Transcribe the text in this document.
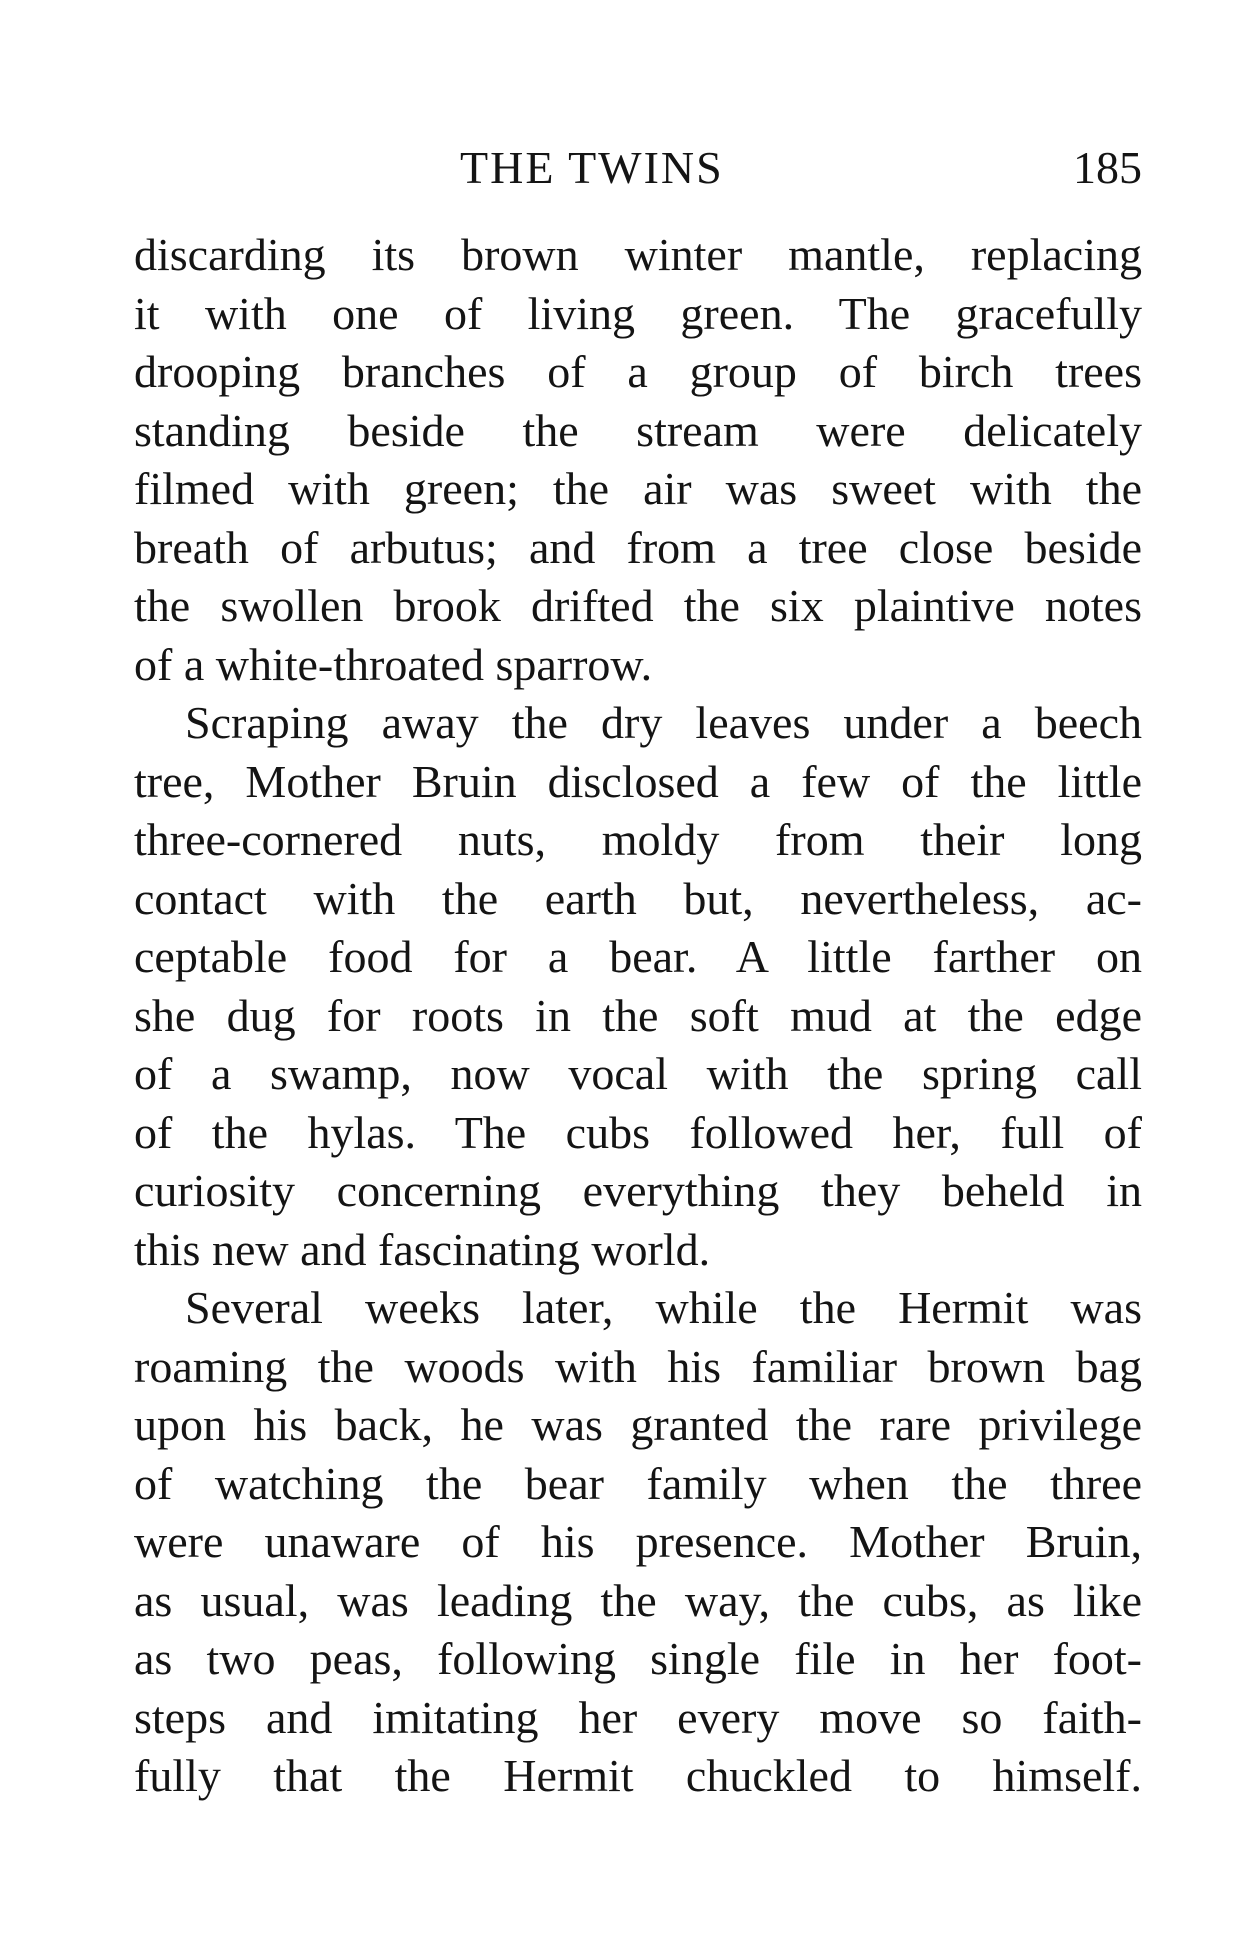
THE TWINS	185
discarding its brown winter mantle, replacing
it with one of living green. The gracefully
drooping branches of a group of birch trees
standing beside the stream were delicately
filmed with green; the air was sweet with the
breath of arbutus; and from a tree close beside
the swollen brook drifted the six plaintive notes
of a white-throated sparrow.
Scraping away the dry leaves under a beech
tree, Mother Bruin disclosed a few of the little
three-cornered nuts, moldy from their long
contact with the earth but, nevertheless, ac-
ceptable food for a bear. A little farther on
she dug for roots in the soft mud at the edge
of a swamp, now vocal with the spring call
of the hylas. The cubs followed her, full of
curiosity concerning everything they beheld in
this new and fascinating world.
Several weeks later, while the Hermit was
roaming the woods with his familiar brown bag
upon his back, he was granted the rare privilege
of watching the bear family when the three
were unaware of his presence. Mother Bruin,
as usual, was leading the way, the cubs, as like
as two peas, following single file in her foot-
steps and imitating her every move so faith-
fully that the Hermit chuckled to himself.
